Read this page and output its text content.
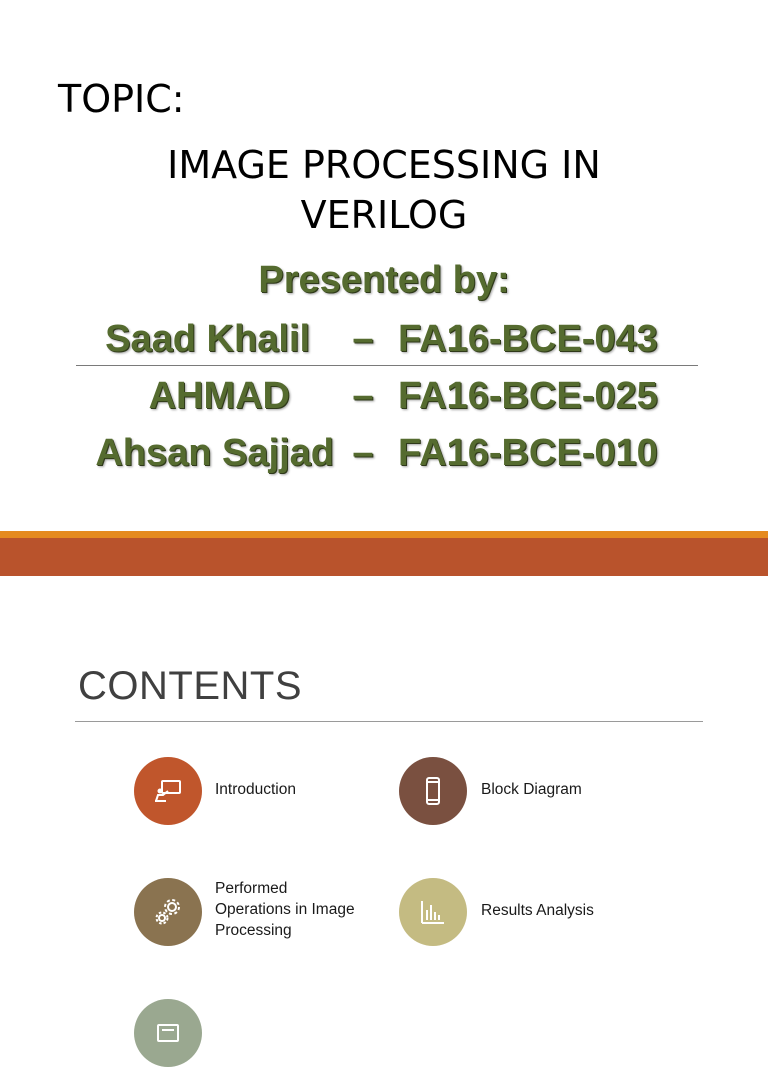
TOPIC:
IMAGE PROCESSING IN
VERILOG
Presented by:
Saad Khalil – FA16-BCE-043
AHMAD – FA16-BCE-025
Ahsan Sajjad – FA16-BCE-010
CONTENTS
Introduction	Block Diagram
Performed Operations in Image Processing
Results Analysis
